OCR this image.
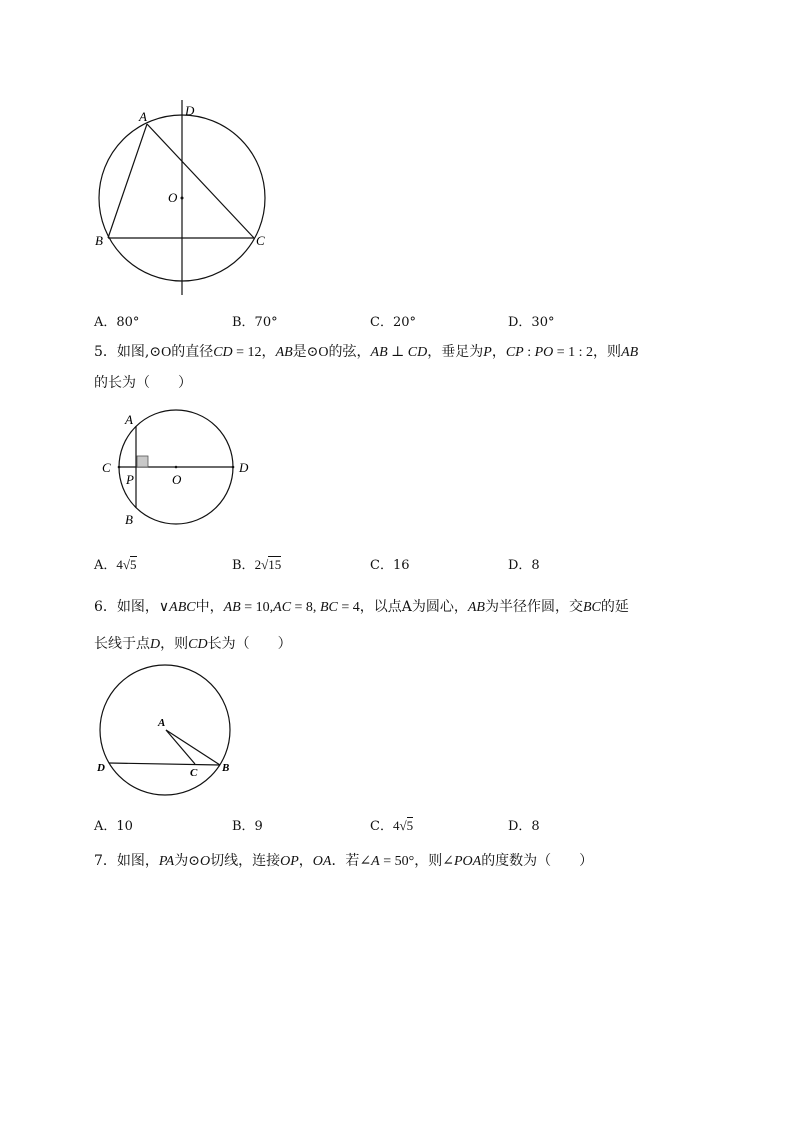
A	D
O
B	C
A．80°	B．70°	C．20°	D．30°
5．如图,⊙O的直径CD = 12，AB是⊙O的弦，AB ⊥ CD，垂足为P，CP : PO = 1 : 2，则AB
的长为（　　）
A
C	D
P	O
B
A．4√5	B．2√15	C．16	D．8
6．如图，∨ABC中，AB = 10,AC = 8, BC = 4，以点A为圆心，AB为半径作圆，交BC的延
长线于点D，则CD长为（　　）
A
D	C B
A．10	B．9	C．4√5	D．8
7．如图，PA为⊙O切线，连接OP，OA．若∠A = 50°，则∠POA的度数为（　　）
